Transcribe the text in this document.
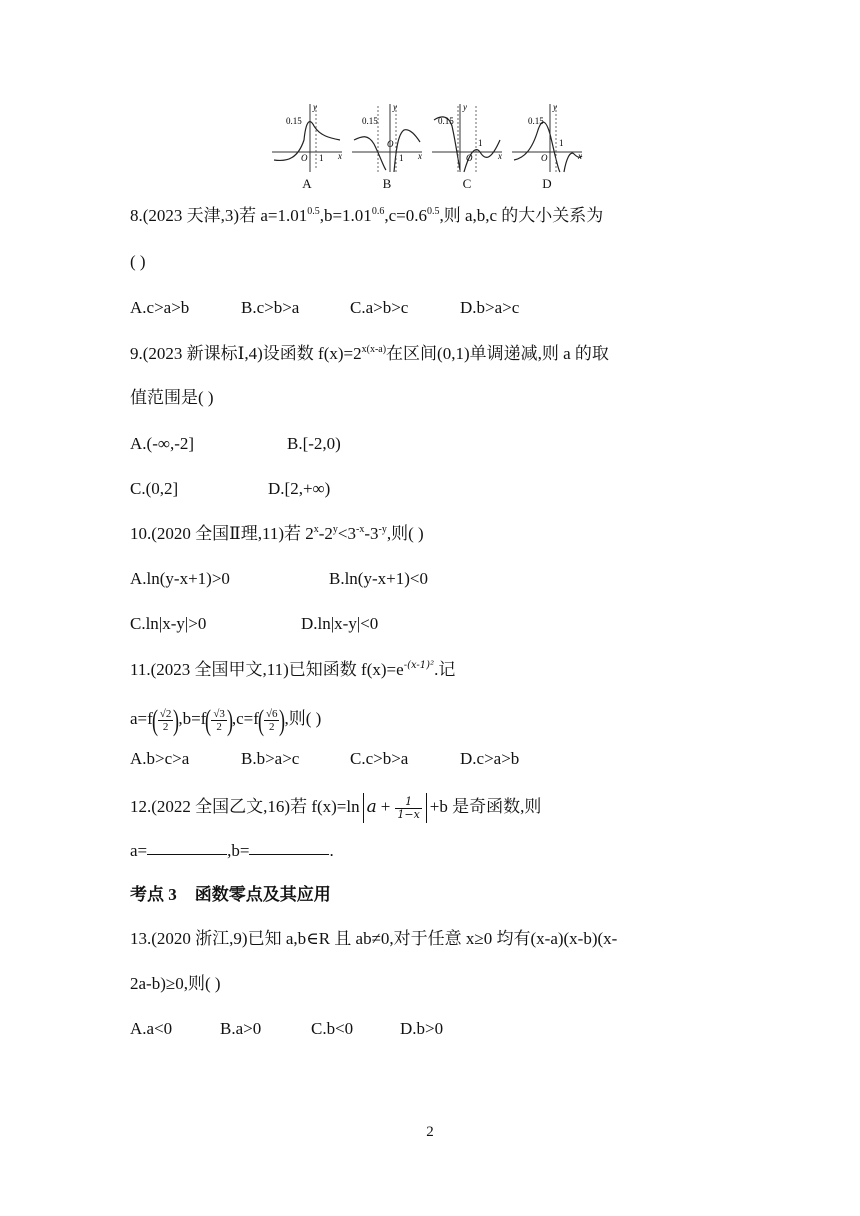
y
x
O
0.15
1
A
y
x
O
0.15
1
B
y
x
O
0.15
1
C
y
x
O
0.15
1
D
8.(2023 天津,3)若 $a=1.01^{0.5},b=1.01^{0.6},c=0.6^{0.5}$,则 a,b,c 的大小关系为
( )
A.c>a>b	B.c>b>a	C.a>b>c	D.b>a>c
9.(2023 新课标Ⅰ,4)设函数 $f(x)=2^{x(x-a)}$在区间(0,1)单调递减,则 a 的取
值范围是( )
A.(-∞,-2]	B.[-2,0)
C.(0,2]	D.[2,+∞)
10.(2020 全国Ⅱ理,11)若 $2^x-2^y<3^{-x}-3^{-y}$,则( )
A.ln(y-x+1)>0	B.ln(y-x+1)<0
C.ln|x-y|>0	D.ln|x-y|<0
11.(2023 全国甲文,11)已知函数 $f(x)=e^{-(x-1)^2}$.记
$a=f( \frac{√2}{2} ),b=f( \frac{√3}{2} ),c=f( \frac{√6}{2}$ ),则( )
A.b>c>a	B.b>a>c	C.c>b>a	D.c>a>b
12.(2022 全国乙文,16)若 f(x)=ln $a + \frac{1}{1-x} +b$ 是奇函数,则
a=	,b=	.
考点 3 函数零点及其应用
13.(2020 浙江,9)已知 a,b∈R 且 ab≠0,对于任意 x≥0 均有(x-a)(x-b)(x-
2a-b)≥0,则( )
A.a<0	B.a>0	C.b<0	D.b>0
2
